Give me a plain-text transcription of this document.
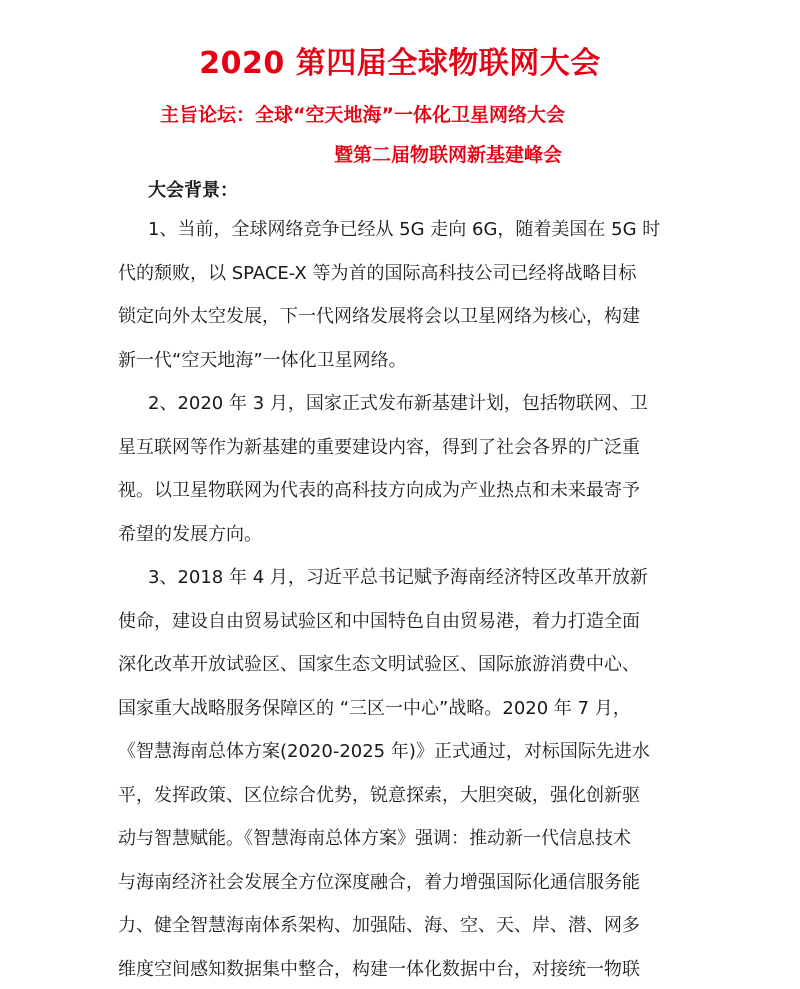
2020 第四届全球物联网大会
主旨论坛：全球“空天地海”一体化卫星网络大会
暨第二届物联网新基建峰会
大会背景：
1、当前，全球网络竞争已经从 5G 走向 6G，随着美国在 5G 时
代的颓败，以 SPACE-X 等为首的国际高科技公司已经将战略目标
锁定向外太空发展，下一代网络发展将会以卫星网络为核心，构建
新一代“空天地海”一体化卫星网络。
2、2020 年 3 月，国家正式发布新基建计划，包括物联网、卫
星互联网等作为新基建的重要建设内容，得到了社会各界的广泛重
视。以卫星物联网为代表的高科技方向成为产业热点和未来最寄予
希望的发展方向。
3、2018 年 4 月，习近平总书记赋予海南经济特区改革开放新
使命，建设自由贸易试验区和中国特色自由贸易港，着力打造全面
深化改革开放试验区、国家生态文明试验区、国际旅游消费中心、
国家重大战略服务保障区的 “三区一中心”战略。2020 年 7 月，
《智慧海南总体方案(2020-2025 年)》正式通过，对标国际先进水
平，发挥政策、区位综合优势，锐意探索，大胆突破，强化创新驱
动与智慧赋能。《智慧海南总体方案》强调：推动新一代信息技术
与海南经济社会发展全方位深度融合，着力增强国际化通信服务能
力、健全智慧海南体系架构、加强陆、海、空、天、岸、潜、网多
维度空间感知数据集中整合，构建一体化数据中台，对接统一物联
